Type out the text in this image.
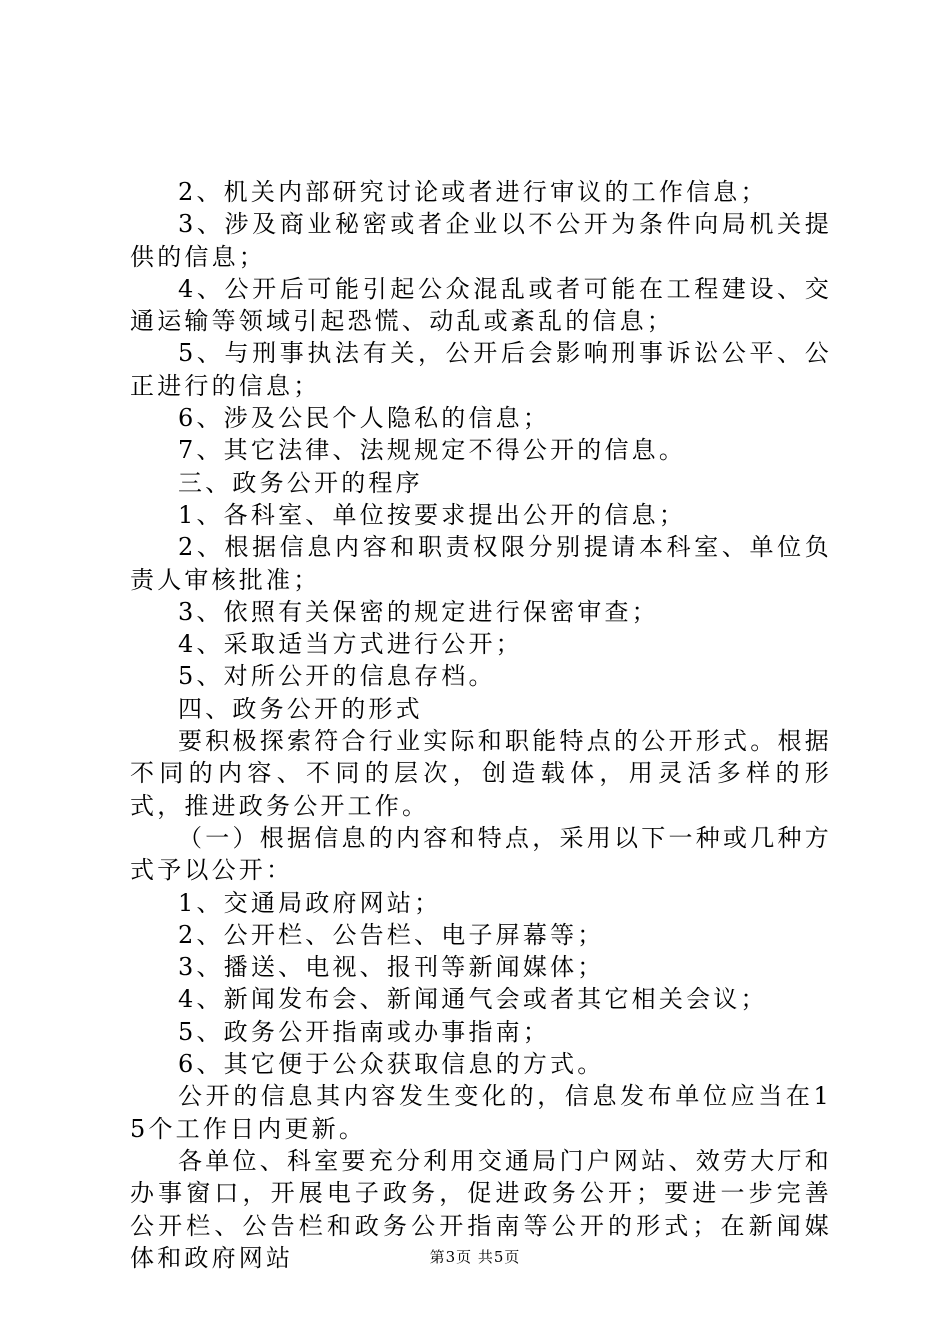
2、机关内部研究讨论或者进行审议的工作信息；

3、涉及商业秘密或者企业以不公开为条件向局机关提供的信息；

4、公开后可能引起公众混乱或者可能在工程建设、交通运输等领域引起恐慌、动乱或紊乱的信息；

5、与刑事执法有关，公开后会影响刑事诉讼公平、公正进行的信息；

6、涉及公民个人隐私的信息；

7、其它法律、法规规定不得公开的信息。

三、政务公开的程序

1、各科室、单位按要求提出公开的信息；

2、根据信息内容和职责权限分别提请本科室、单位负责人审核批准；

3、依照有关保密的规定进行保密审查；

4、采取适当方式进行公开；

5、对所公开的信息存档。

四、政务公开的形式

要积极探索符合行业实际和职能特点的公开形式。根据不同的内容、不同的层次，创造载体，用灵活多样的形式，推进政务公开工作。

（一）根据信息的内容和特点，采用以下一种或几种方式予以公开：

1、交通局政府网站；

2、公开栏、公告栏、电子屏幕等；

3、播送、电视、报刊等新闻媒体；

4、新闻发布会、新闻通气会或者其它相关会议；

5、政务公开指南或办事指南；

6、其它便于公众获取信息的方式。

公开的信息其内容发生变化的，信息发布单位应当在15个工作日内更新。

各单位、科室要充分利用交通局门户网站、效劳大厅和办事窗口，开展电子政务，促进政务公开；要进一步完善公开栏、公告栏和政务公开指南等公开的形式；在新闻媒体和政府网站	第3页 共5页
